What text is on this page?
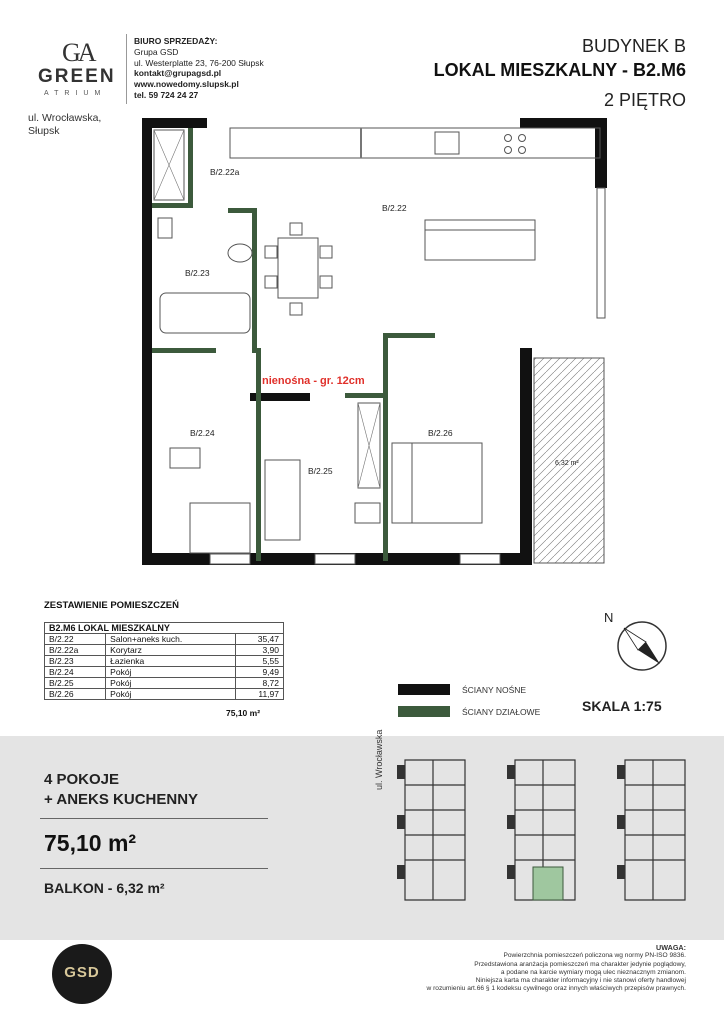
GA
GREEN
ATRIUM
BIURO SPRZEDAŻY:
Grupa GSD
ul. Westerplatte 23, 76-200 Słupsk
kontakt@grupagsd.pl
www.nowedomy.slupsk.pl
tel. 59 724 24 27
ul. Wrocławska,
Słupsk
BUDYNEK B
LOKAL MIESZKALNY - B2.M6
2 PIĘTRO
B/2.22a
B/2.22
B/2.23
B/2.24
B/2.25
B/2.26
nienośna - gr. 12cm
6,32 m²
ZESTAWIENIE POMIESZCZEŃ
B2.M6 LOKAL MIESZKALNY		
B/2.22	Salon+aneks kuch.	35,47
B/2.22a	Korytarz	3,90
B/2.23	Łazienka	5,55
B/2.24	Pokój	9,49
B/2.25	Pokój	8,72
B/2.26	Pokój	11,97
75,10 m²
ŚCIANY NOŚNE
ŚCIANY DZIAŁOWE
N
SKALA 1:75
4 POKOJE
+ ANEKS KUCHENNY
75,10 m²
BALKON - 6,32 m²
ul. Wrocławska
GSD
UWAGA:
Powierzchnia pomieszczeń policzona wg normy PN-ISO 9836.
Przedstawiona aranżacja pomieszczeń ma charakter jedynie poglądowy,
a podane na karcie wymiary mogą ulec nieznacznym zmianom.
Niniejsza karta ma charakter informacyjny i nie stanowi oferty handlowej
w rozumieniu art.66 § 1 kodeksu cywilnego oraz innych właściwych przepisów prawnych.
